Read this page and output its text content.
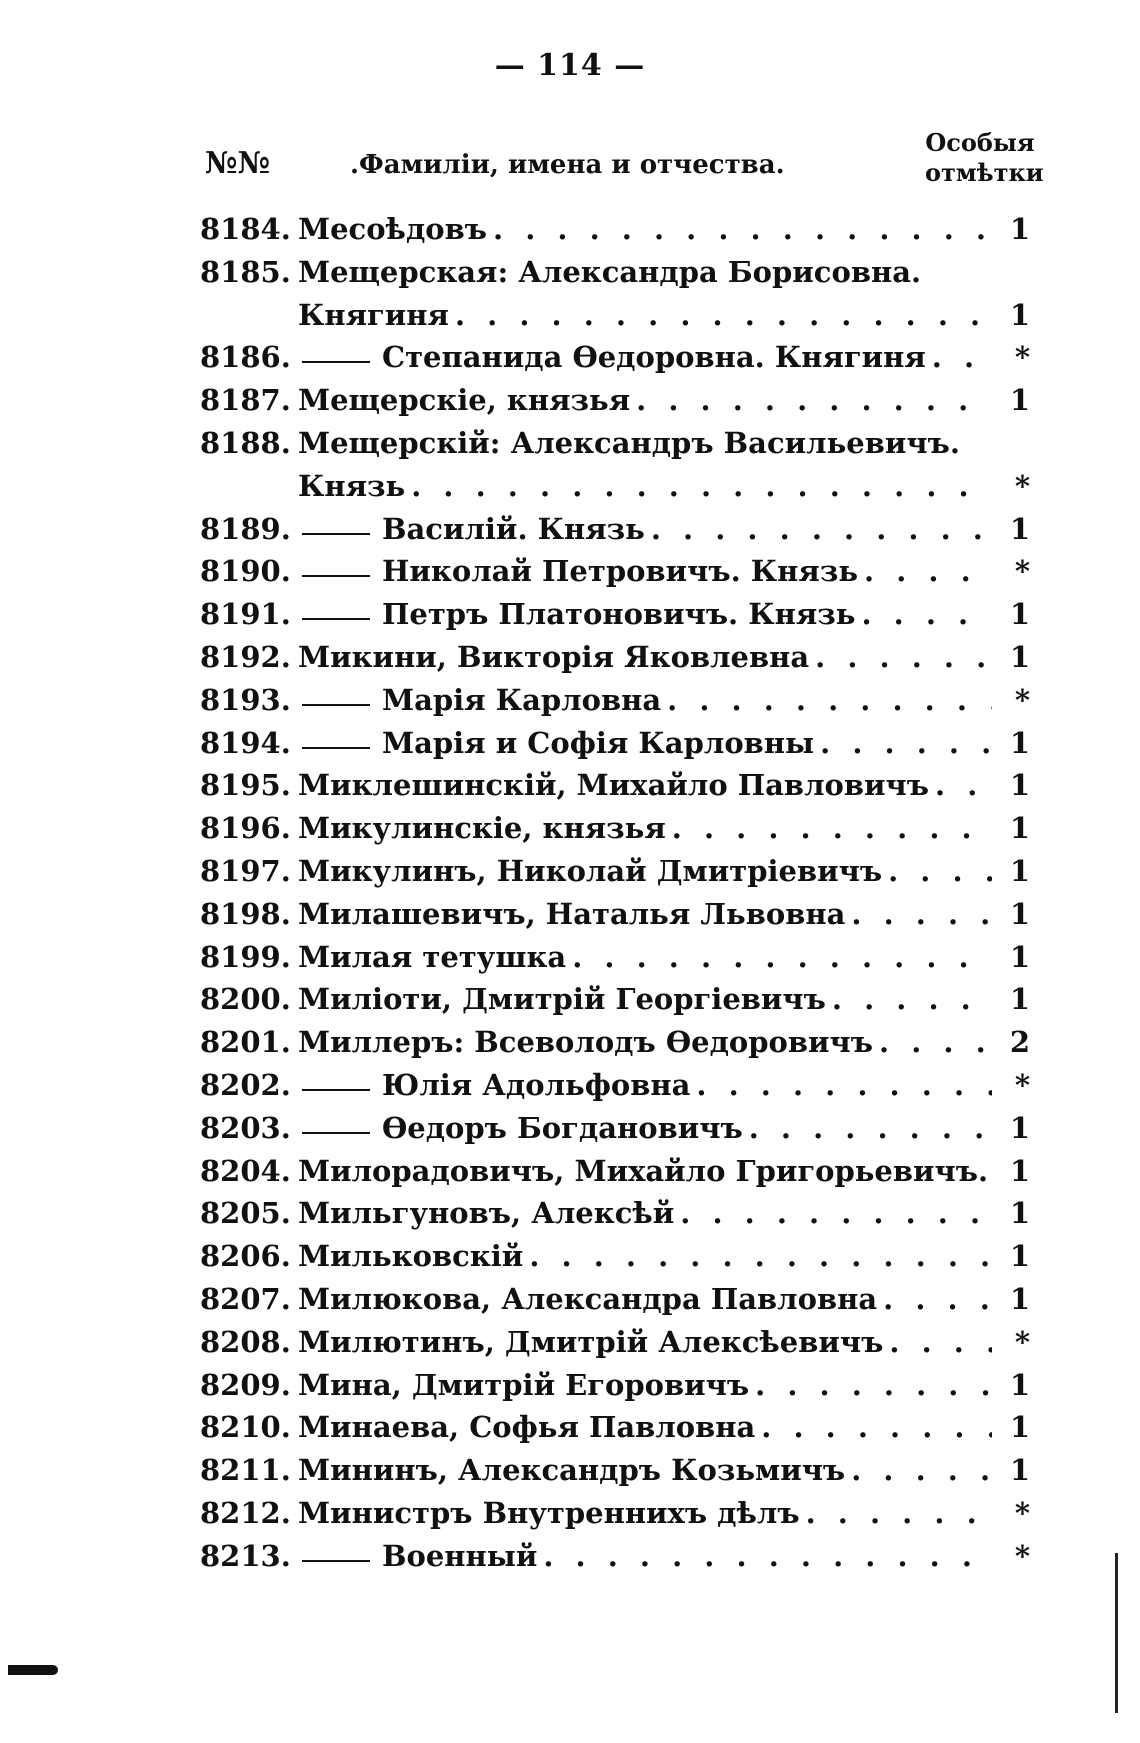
— 114 —
№№	.Фамиліи, имена и отчества.
Особыя
отмѣтки
8184. Месоѣдовъ . . .	1
8185. Мещерская: Александра Борисовна.
Княгиня . . .	1
8186.	Степанида Ѳедоровна. Княгиня . . .	*
8187. Мещерскіе, князья . . .	1
8188. Мещерскій: Александръ Васильевичъ.
Князь . . .	*
8189.	Василій. Князь . . .	1
8190.	Николай Петровичъ. Князь . . .	*
8191.	Петръ Платоновичъ. Князь . . .	1
8192. Микини, Викторія Яковлевна . . .	1
8193.	Марія Карловна . . .	*
8194.	Марія и Софія Карловны . . .	1
8195. Миклешинскій, Михайло Павловичъ . . .	1
8196. Микулинскіе, князья . . .	1
8197. Микулинъ, Николай Дмитріевичъ . . .	1
8198. Милашевичъ, Наталья Львовна . . .	1
8199. Милая тетушка . . .	1
8200. Миліоти, Дмитрій Георгіевичъ . . .	1
8201. Миллеръ: Всеволодъ Ѳедоровичъ . . .	2
8202.	Юлія Адольфовна . . .	*
8203.	Ѳедоръ Богдановичъ . . .	1
8204. Милорадовичъ, Михайло Григорьевичъ. 1
8205. Мильгуновъ, Алексѣй . . .	1
8206. Мильковскій . . .	1
8207. Милюкова, Александра Павловна . . .	1
8208. Милютинъ, Дмитрій Алексѣевичъ . . .	*
8209. Мина, Дмитрій Егоровичъ . . .	1
8210. Минаева, Софья Павловна . . .	1
8211. Мининъ, Александръ Козьмичъ . . .	1
8212. Министръ Внутреннихъ дѣлъ . . .	*
8213.	Военный . . .	*
